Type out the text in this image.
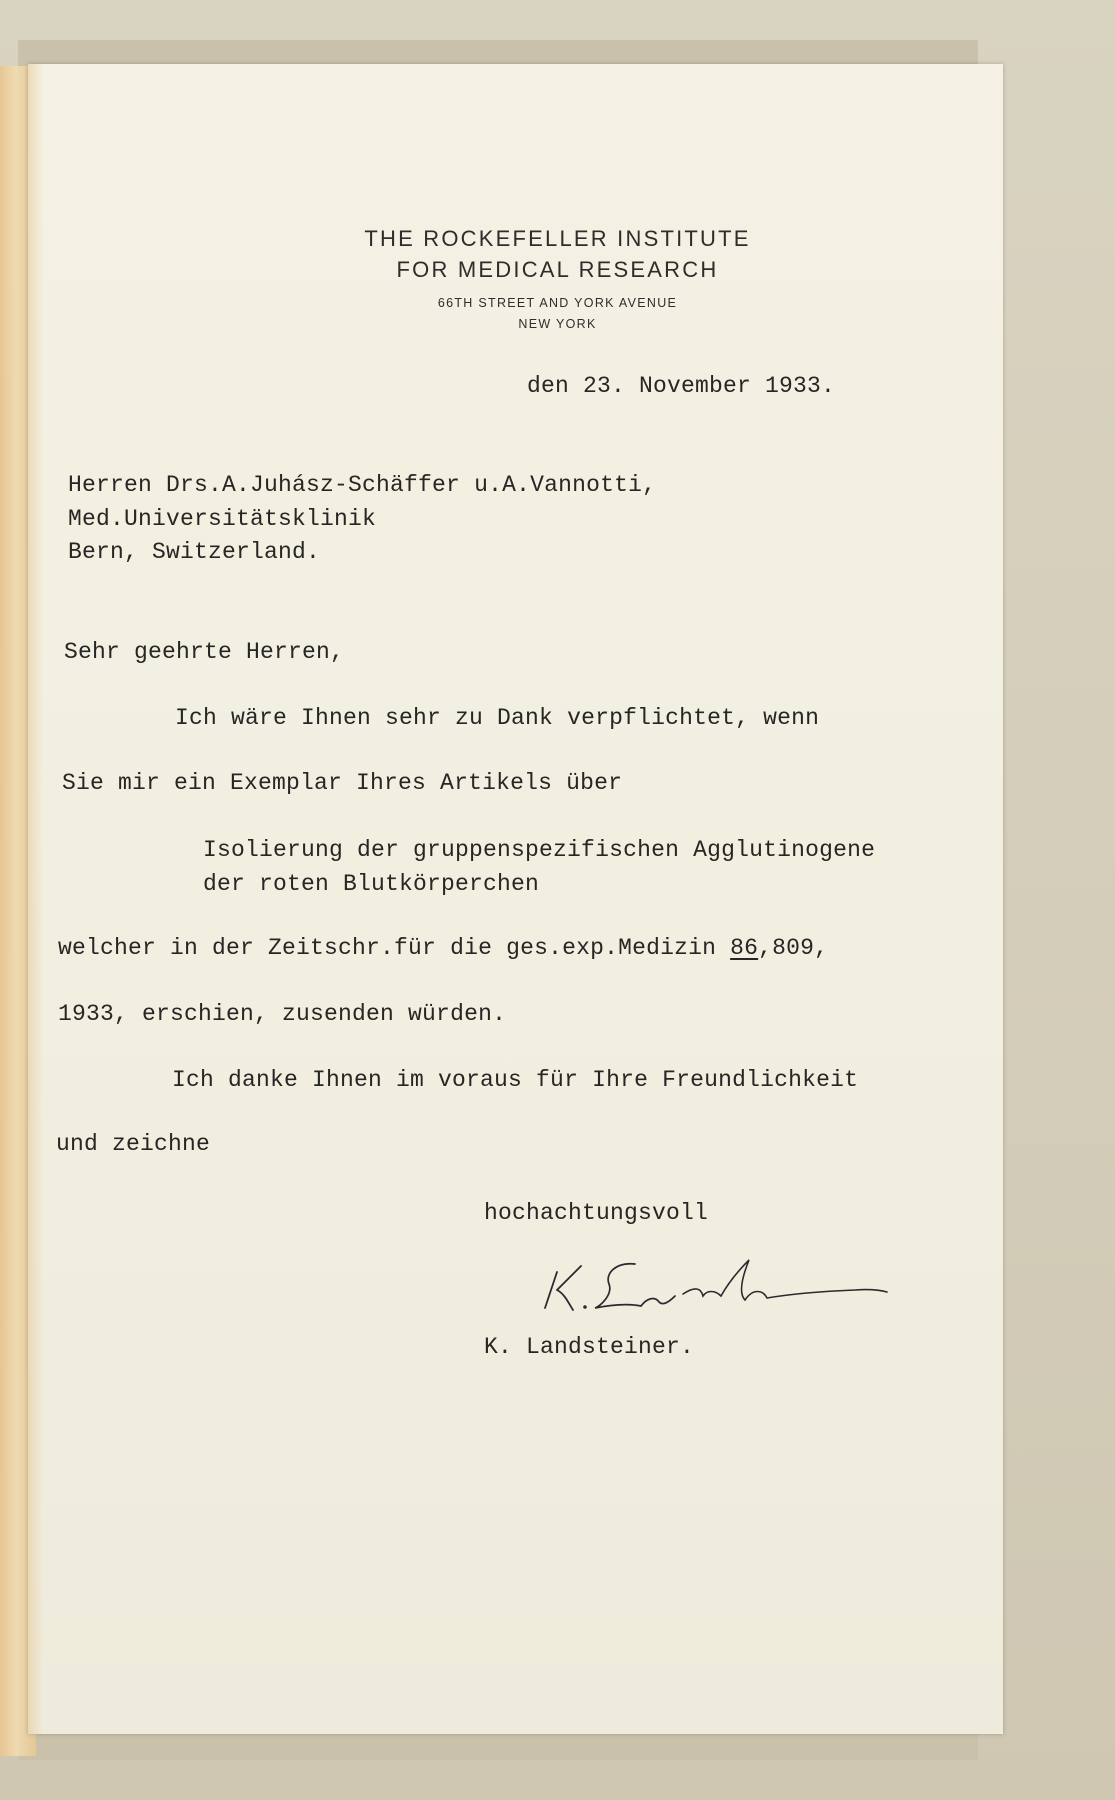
THE ROCKEFELLER INSTITUTE
FOR MEDICAL RESEARCH
66TH STREET AND YORK AVENUE
NEW YORK
den 23. November 1933.
Herren Drs.A.Juhász-Schäffer u.A.Vannotti,
Med.Universitätsklinik
Bern, Switzerland.
Sehr geehrte Herren,
Ich wäre Ihnen sehr zu Dank verpflichtet, wenn
Sie mir ein Exemplar Ihres Artikels über
Isolierung der gruppenspezifischen Agglutinogene
der roten Blutkörperchen
welcher in der Zeitschr.für die ges.exp.Medizin 86,809,
1933, erschien, zusenden würden.
Ich danke Ihnen im voraus für Ihre Freundlichkeit
und zeichne
hochachtungsvoll
K. Landsteiner.
